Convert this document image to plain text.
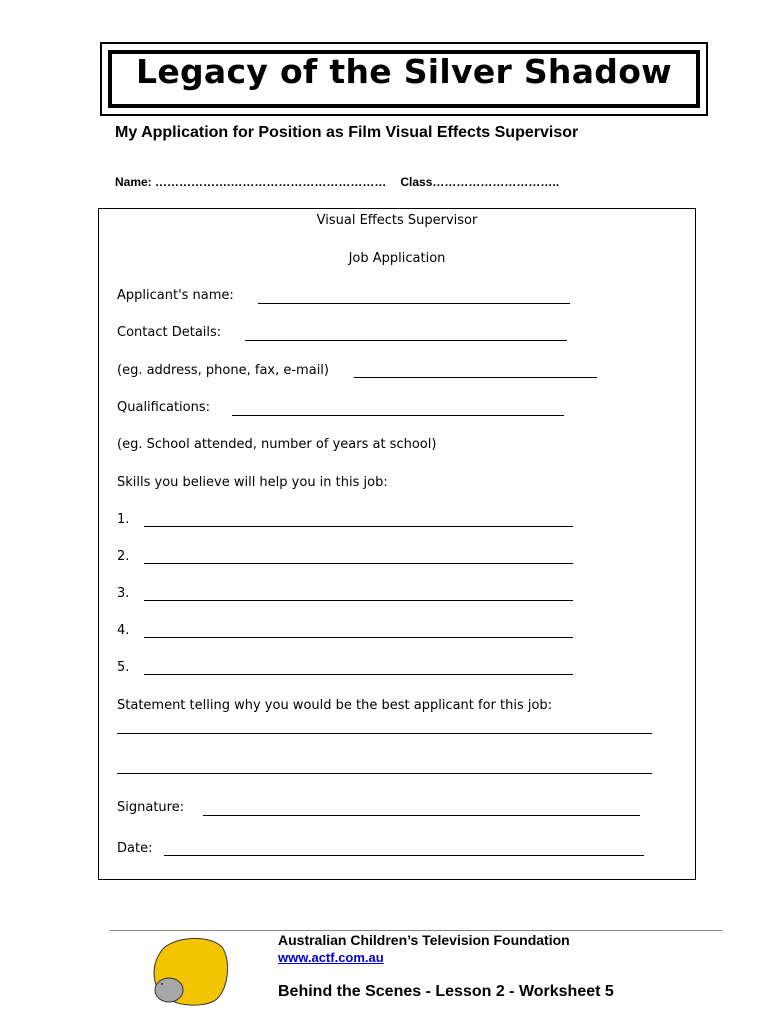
Legacy of the Silver Shadow
My Application for Position as Film Visual Effects Supervisor
Name: ……………….………………………………… Class…………………………..
Visual Effects Supervisor
Job Application
Applicant's name:
Contact Details:
(eg. address, phone, fax, e-mail)
Qualifications:
(eg. School attended, number of years at school)
Skills you believe will help you in this job:
1.
2.
3.
4.
5.
Statement telling why you would be the best applicant for this job:
Signature:
Date:
Australian Children’s Television Foundation
www.actf.com.au
Behind the Scenes - Lesson 2 - Worksheet 5
